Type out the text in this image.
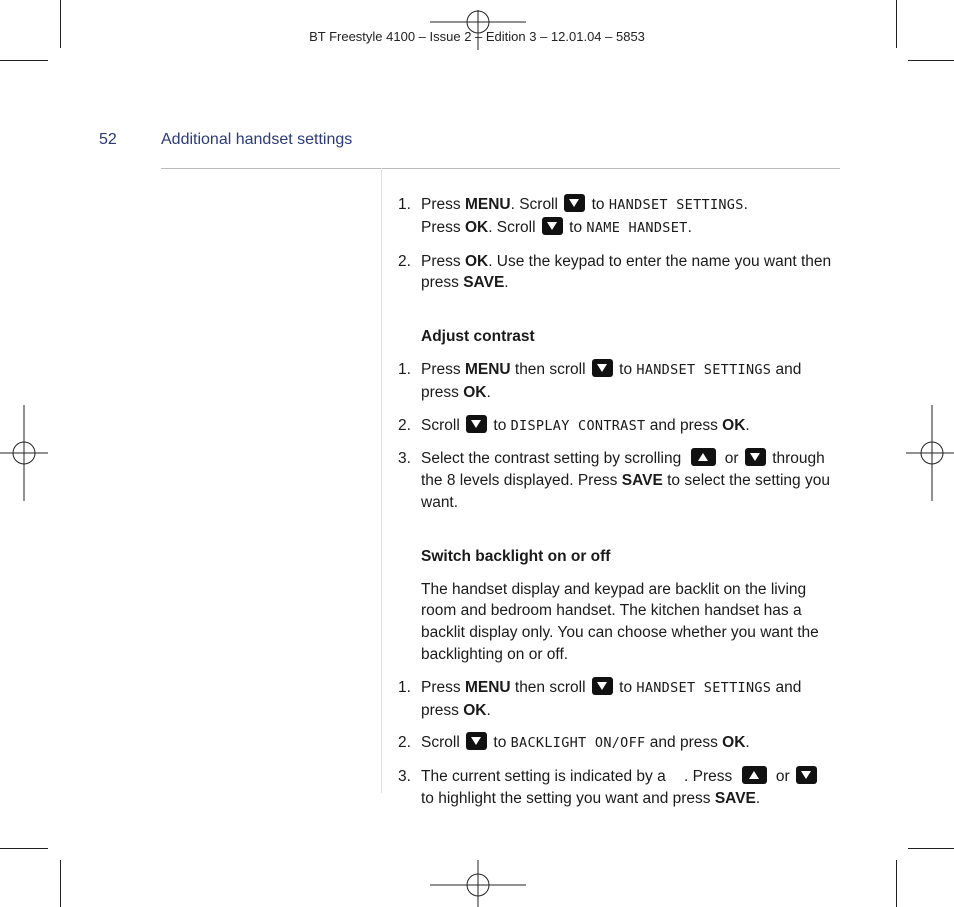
BT Freestyle 4100 – Issue 2 – Edition 3 – 12.01.04 – 5853
52	Additional handset settings
1. Press MENU. Scroll  to HANDSET SETTINGS.
Press OK. Scroll  to NAME HANDSET.
2. Press OK. Use the keypad to enter the name you want then press SAVE.
Adjust contrast
1. Press MENU then scroll  to HANDSET SETTINGS and press OK.
2. Scroll  to DISPLAY CONTRAST and press OK.
3. Select the contrast setting by scrolling  or  through the 8 levels displayed. Press SAVE to select the setting you want.
Switch backlight on or off
The handset display and keypad are backlit on the living room and bedroom handset. The kitchen handset has a backlit display only. You can choose whether you want the backlighting on or off.
1. Press MENU then scroll  to HANDSET SETTINGS and press OK.
2. Scroll  to BACKLIGHT ON/OFF and press OK.
3. The current setting is indicated by a . Press  or
to highlight the setting you want and press SAVE.
